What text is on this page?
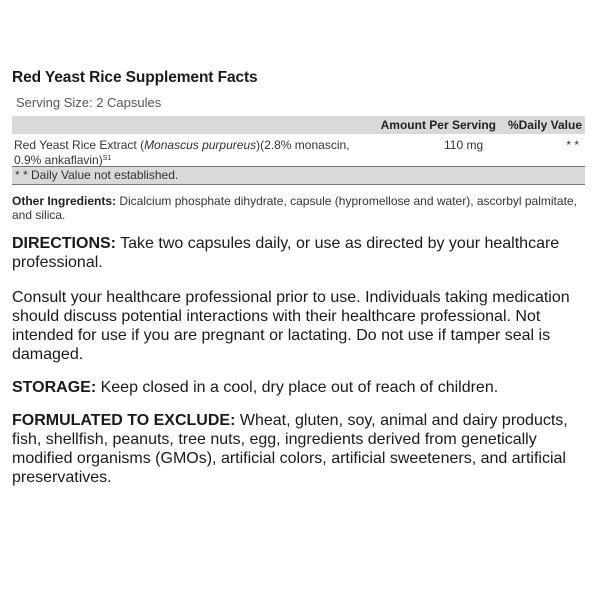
Red Yeast Rice Supplement Facts
Serving Size: 2 Capsules
Amount Per Serving %Daily Value
Red Yeast Rice Extract (Monascus purpureus)(2.8% monascin, 0.9% ankaflavin)$^{S1}$
110 mg	* *
* * Daily Value not established.
Other Ingredients: Dicalcium phosphate dihydrate, capsule (hypromellose and water), ascorbyl palmitate, and silica.
DIRECTIONS: Take two capsules daily, or use as directed by your healthcare professional.
Consult your healthcare professional prior to use. Individuals taking medication should discuss potential interactions with their healthcare professional. Not intended for use if you are pregnant or lactating. Do not use if tamper seal is damaged.
STORAGE: Keep closed in a cool, dry place out of reach of children.
FORMULATED TO EXCLUDE: Wheat, gluten, soy, animal and dairy products, fish, shellfish, peanuts, tree nuts, egg, ingredients derived from genetically modified organisms (GMOs), artificial colors, artificial sweeteners, and artificial preservatives.
